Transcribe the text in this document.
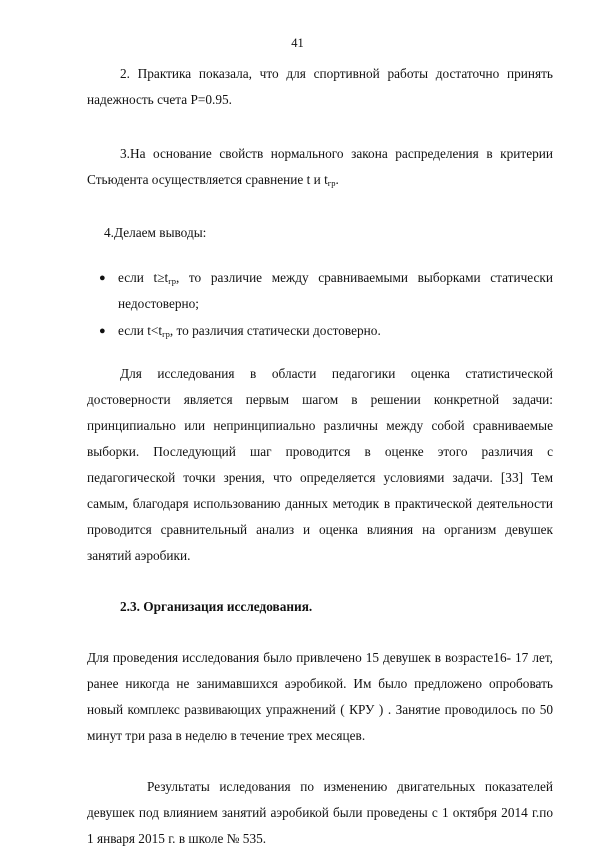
41

2. Практика показала, что для спортивной работы достаточно принять надежность счета P=0.95.

3.На основание свойств нормального закона распределения в критерии Стьюдента осуществляется сравнение t и $t_{гр}$.

4.Делаем выводы:

● если $t\ge t_{гр}$, то различие между сравниваемыми выборками статически недостоверно;
● если $t<t_{гр}$, то различия статически достоверно.

Для исследования в области педагогики оценка статистической достоверности является первым шагом в решении конкретной задачи: принципиально или непринципиально различны между собой сравниваемые выборки. Последующий шаг проводится в оценке этого различия с педагогической точки зрения, что определяется условиями задачи. [33] Тем самым, благодаря использованию данных методик в практической деятельности проводится сравнительный анализ и оценка влияния на организм девушек занятий аэробики.

2.3. Организация исследования.

Для проведения исследования было привлечено 15 девушек в возрасте16- 17 лет, ранее никогда не занимавшихся аэробикой. Им было предложено опробовать новый комплекс развивающих упражнений ( КРУ ) . Занятие проводилось по 50 минут три раза в неделю в течение трех месяцев.

Результаты иследования по изменению двигательных показателей девушек под влиянием занятий аэробикой были проведены с 1 октября 2014 г.по 1 января 2015 г. в школе № 535.
